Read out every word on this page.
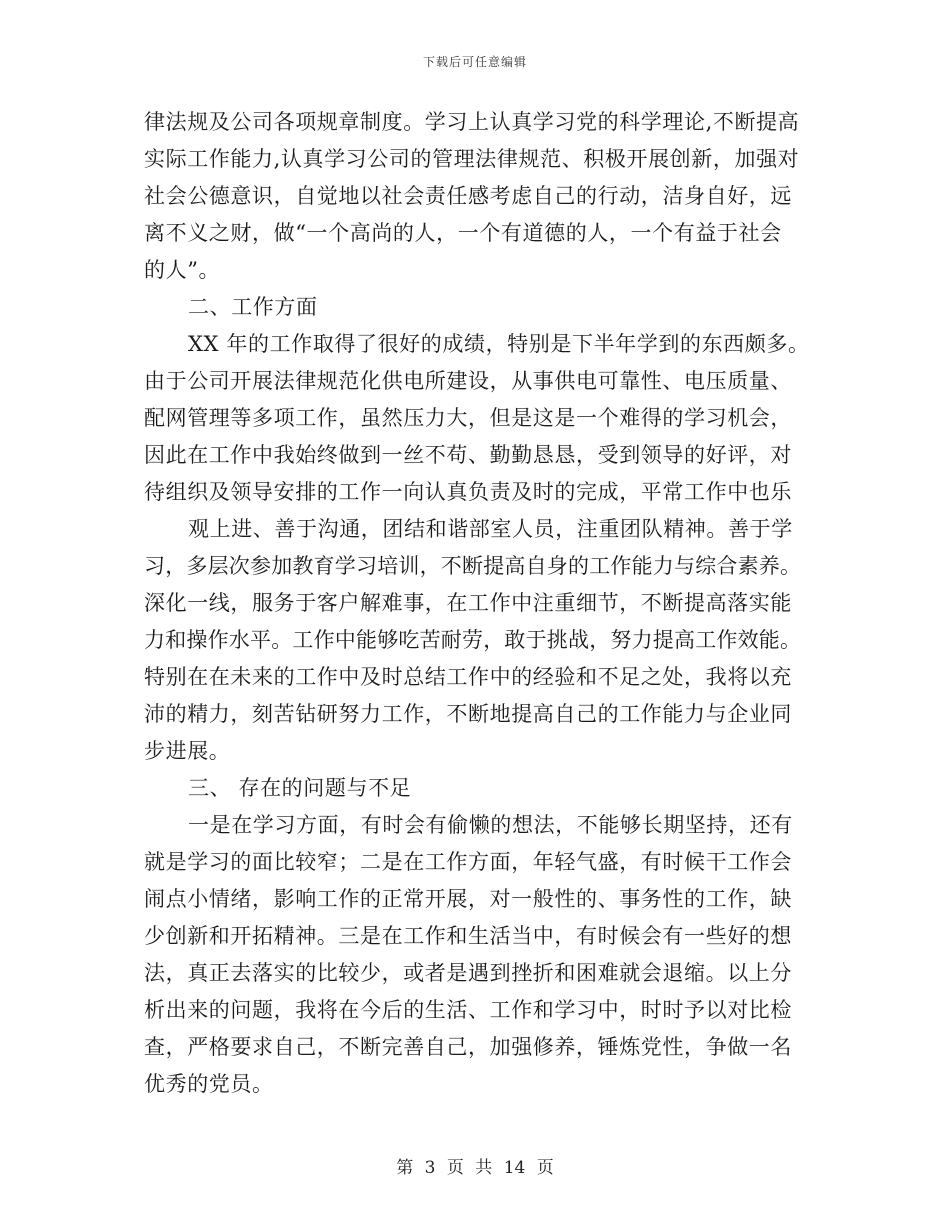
下载后可任意编辑
律法规及公司各项规章制度。学习上认真学习党的科学理论,不断提高
实际工作能力,认真学习公司的管理法律规范、积极开展创新，加强对
社会公德意识，自觉地以社会责任感考虑自己的行动，洁身自好，远
离不义之财，做“一个高尚的人，一个有道德的人，一个有益于社会
的人”。
二、工作方面
XX 年的工作取得了很好的成绩，特别是下半年学到的东西颇多。
由于公司开展法律规范化供电所建设，从事供电可靠性、电压质量、
配网管理等多项工作，虽然压力大，但是这是一个难得的学习机会，
因此在工作中我始终做到一丝不苟、勤勤恳恳，受到领导的好评，对
待组织及领导安排的工作一向认真负责及时的完成，平常工作中也乐
观上进、善于沟通，团结和谐部室人员，注重团队精神。善于学
习，多层次参加教育学习培训，不断提高自身的工作能力与综合素养。
深化一线，服务于客户解难事，在工作中注重细节，不断提高落实能
力和操作水平。工作中能够吃苦耐劳，敢于挑战，努力提高工作效能。
特别在在未来的工作中及时总结工作中的经验和不足之处，我将以充
沛的精力，刻苦钻研努力工作，不断地提高自己的工作能力与企业同
步进展。
三、 存在的问题与不足
一是在学习方面，有时会有偷懒的想法，不能够长期坚持，还有
就是学习的面比较窄；二是在工作方面，年轻气盛，有时候干工作会
闹点小情绪，影响工作的正常开展，对一般性的、事务性的工作，缺
少创新和开拓精神。三是在工作和生活当中，有时候会有一些好的想
法，真正去落实的比较少，或者是遇到挫折和困难就会退缩。以上分
析出来的问题，我将在今后的生活、工作和学习中，时时予以对比检
查，严格要求自己，不断完善自己，加强修养，锤炼党性，争做一名
优秀的党员。
第 3 页 共 14 页
